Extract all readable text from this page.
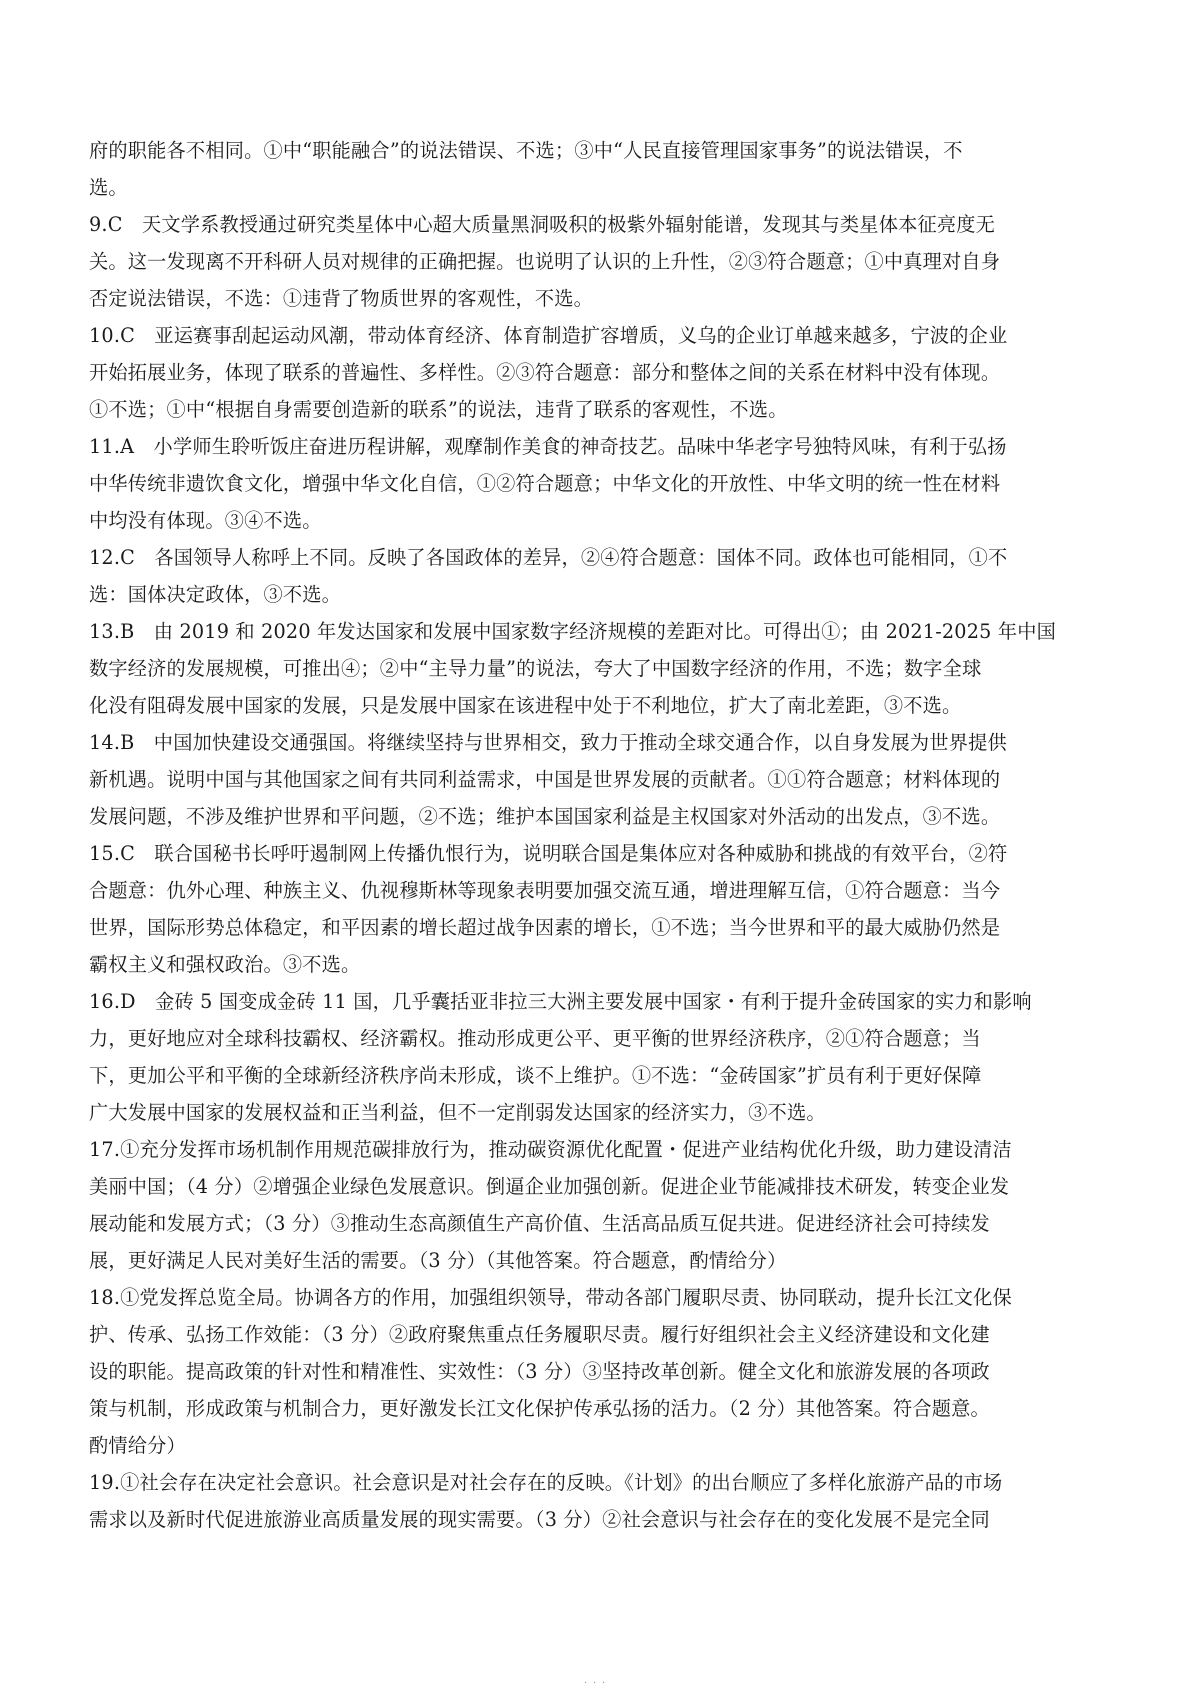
府的职能各不相同。①中“职能融合”的说法错误、不选；③中“人民直接管理国家事务”的说法错误，不
选。
9.C　天文学系教授通过研究类星体中心超大质量黑洞吸积的极紫外辐射能谱，发现其与类星体本征亮度无
关。这一发现离不开科研人员对规律的正确把握。也说明了认识的上升性，②③符合题意；①中真理对自身
否定说法错误，不选：①违背了物质世界的客观性，不选。
10.C　亚运赛事刮起运动风潮，带动体育经济、体育制造扩容增质，义乌的企业订单越来越多，宁波的企业
开始拓展业务，体现了联系的普遍性、多样性。②③符合题意：部分和整体之间的关系在材料中没有体现。
①不选；①中“根据自身需要创造新的联系”的说法，违背了联系的客观性，不选。
11.A　小学师生聆听饭庄奋进历程讲解，观摩制作美食的神奇技艺。品味中华老字号独特风味，有利于弘扬
中华传统非遗饮食文化，增强中华文化自信，①②符合题意；中华文化的开放性、中华文明的统一性在材料
中均没有体现。③④不选。
12.C　各国领导人称呼上不同。反映了各国政体的差异，②④符合题意：国体不同。政体也可能相同，①不
选：国体决定政体，③不选。
13.B　由 2019 和 2020 年发达国家和发展中国家数字经济规模的差距对比。可得出①；由 2021-2025 年中国
数字经济的发展规模，可推出④；②中“主导力量”的说法，夸大了中国数字经济的作用，不选；数字全球
化没有阻碍发展中国家的发展，只是发展中国家在该进程中处于不利地位，扩大了南北差距，③不选。
14.B　中国加快建设交通强国。将继续坚持与世界相交，致力于推动全球交通合作，以自身发展为世界提供
新机遇。说明中国与其他国家之间有共同利益需求，中国是世界发展的贡献者。①①符合题意；材料体现的
发展问题，不涉及维护世界和平问题，②不选；维护本国国家利益是主权国家对外活动的出发点，③不选。
15.C　联合国秘书长呼吁遏制网上传播仇恨行为，说明联合国是集体应对各种威胁和挑战的有效平台，②符
合题意：仇外心理、种族主义、仇视穆斯林等现象表明要加强交流互通，增进理解互信，①符合题意：当今
世界，国际形势总体稳定，和平因素的增长超过战争因素的增长，①不选；当今世界和平的最大威胁仍然是
霸权主义和强权政治。③不选。
16.D　金砖 5 国变成金砖 11 国，几乎囊括亚非拉三大洲主要发展中国家・有利于提升金砖国家的实力和影响
力，更好地应对全球科技霸权、经济霸权。推动形成更公平、更平衡的世界经济秩序，②①符合题意；当
下，更加公平和平衡的全球新经济秩序尚未形成，谈不上维护。①不选：“金砖国家”扩员有利于更好保障
广大发展中国家的发展权益和正当利益，但不一定削弱发达国家的经济实力，③不选。
17.①充分发挥市场机制作用规范碳排放行为，推动碳资源优化配置・促进产业结构优化升级，助力建设清洁
美丽中国；（4 分）②增强企业绿色发展意识。倒逼企业加强创新。促进企业节能减排技术研发，转变企业发
展动能和发展方式；（3 分）③推动生态高颜值生产高价值、生活高品质互促共进。促进经济社会可持续发
展，更好满足人民对美好生活的需要。（3 分）（其他答案。符合题意，酌情给分）
18.①党发挥总览全局。协调各方的作用，加强组织领导，带动各部门履职尽责、协同联动，提升长江文化保
护、传承、弘扬工作效能：（3 分）②政府聚焦重点任务履职尽责。履行好组织社会主义经济建设和文化建
设的职能。提高政策的针对性和精准性、实效性：（3 分）③坚持改革创新。健全文化和旅游发展的各项政
策与机制，形成政策与机制合力，更好激发长江文化保护传承弘扬的活力。（2 分）其他答案。符合题意。
酌情给分）
19.①社会存在决定社会意识。社会意识是对社会存在的反映。《计划》的出台顺应了多样化旅游产品的市场
需求以及新时代促进旅游业高质量发展的现实需要。（3 分）②社会意识与社会存在的变化发展不是完全同
．．．
